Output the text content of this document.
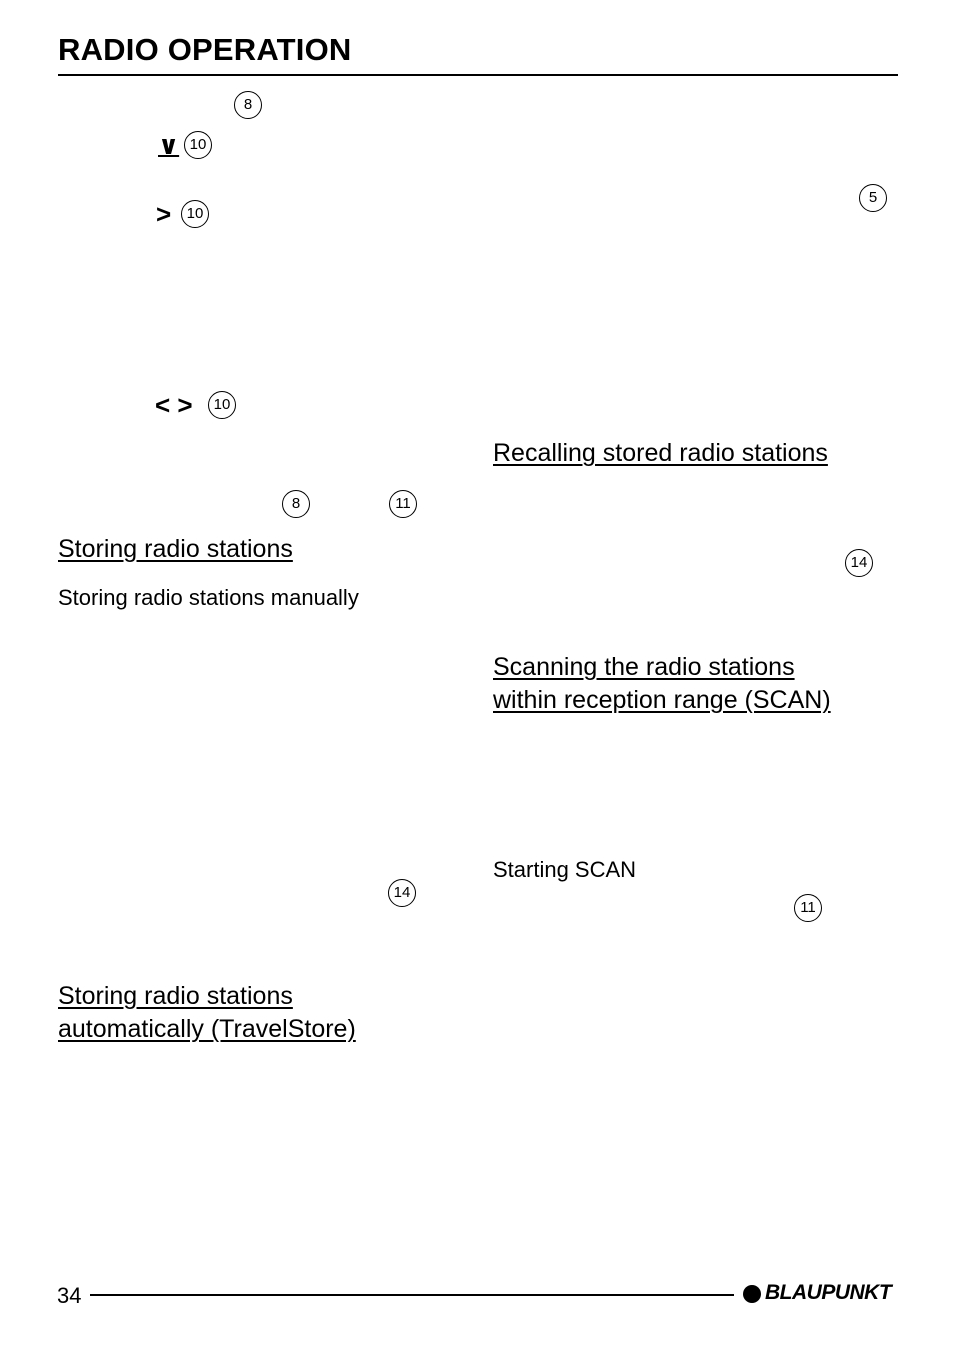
RADIO OPERATION
8
∨ 10
>	10
5
< >	10
8	11
Storing radio stations
Storing radio stations manually
14
Storing radio stations
automatically (TravelStore)
Recalling stored radio stations
14
Scanning the radio stations
within reception range (SCAN)
Starting SCAN
11
34	BLAUPUNKT
